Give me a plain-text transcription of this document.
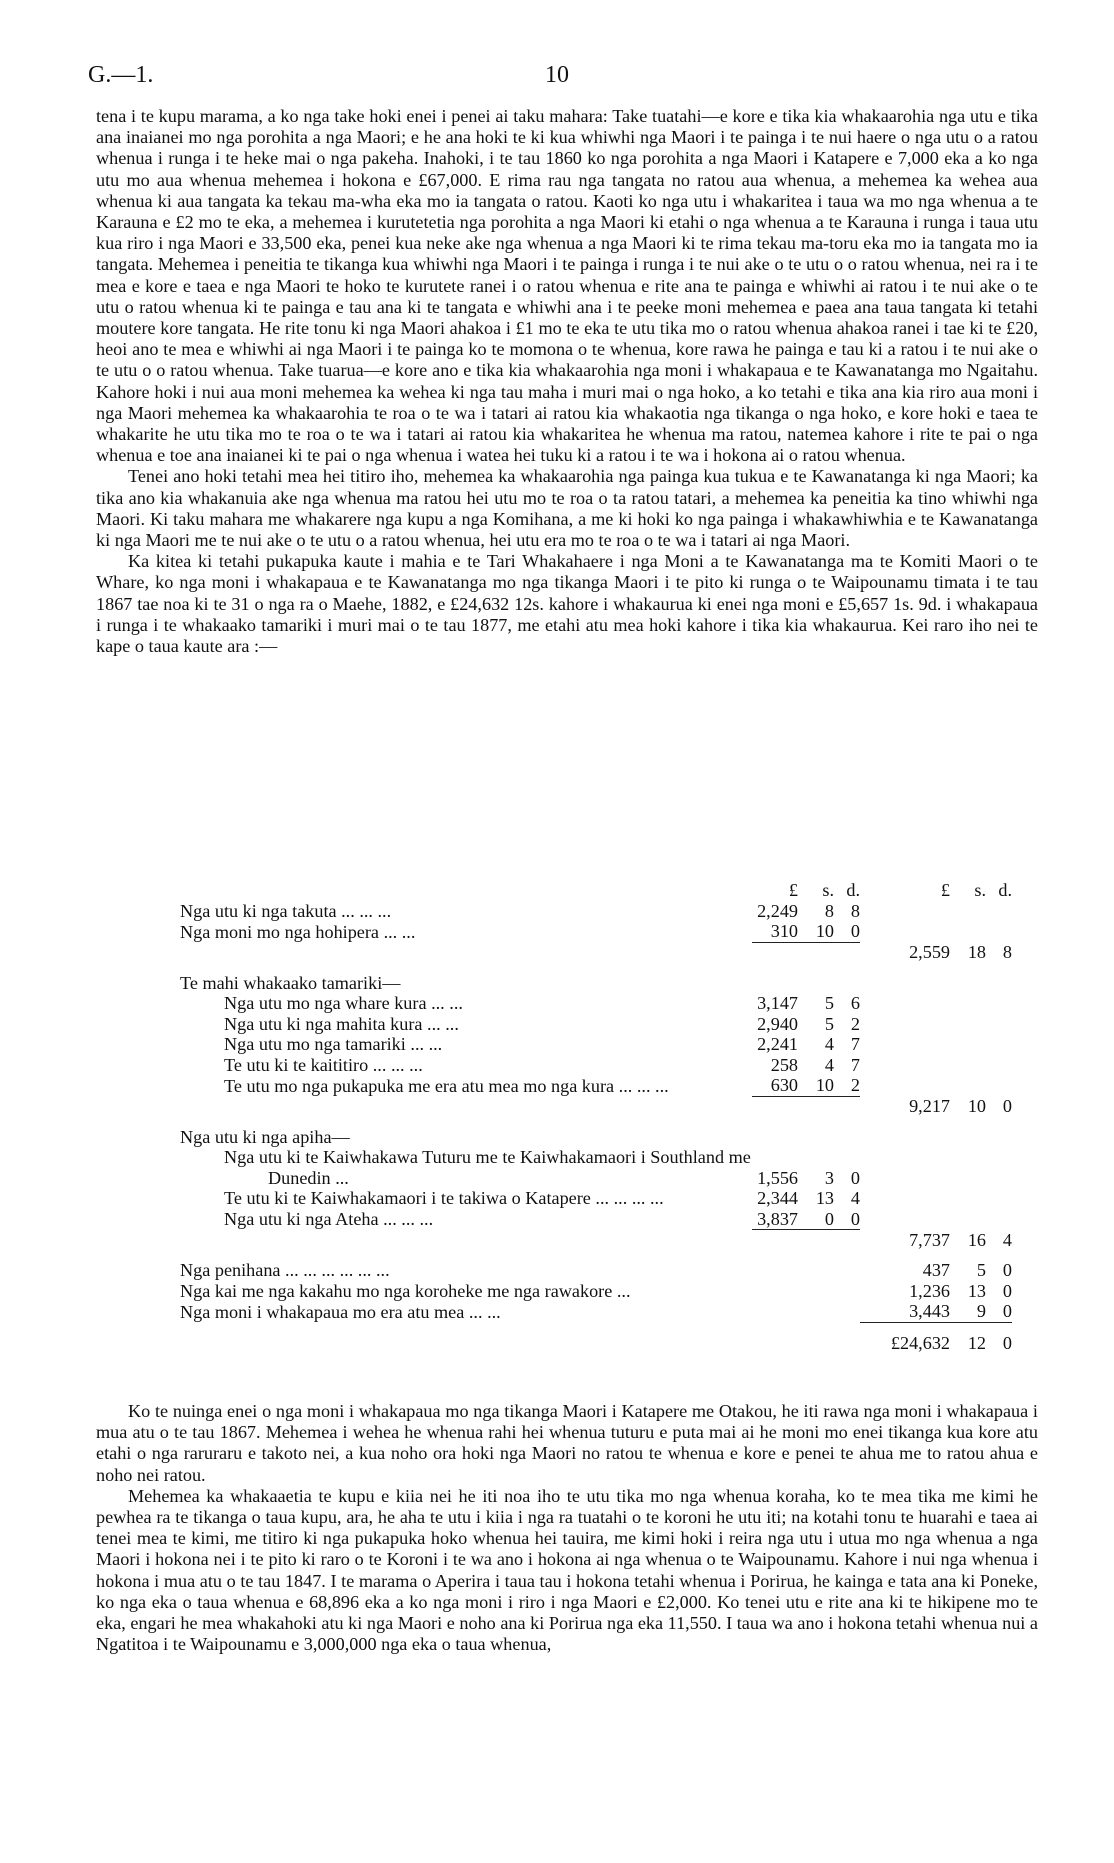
G.—1.	10

tena i te kupu marama, a ko nga take hoki enei i penei ai taku mahara: Take tuatahi—e kore e tika kia whakaarohia nga utu e tika ana inaianei mo nga porohita a nga Maori; e he ana hoki te ki kua whiwhi nga Maori i te painga i te nui haere o nga utu o a ratou whenua i runga i te heke mai o nga pakeha. Inahoki, i te tau 1860 ko nga porohita a nga Maori i Katapere e 7,000 eka a ko nga utu mo aua whenua mehemea i hokona e £67,000. E rima rau nga tangata no ratou aua whenua, a mehemea ka wehea aua whenua ki aua tangata ka tekau ma-wha eka mo ia tangata o ratou. Kaoti ko nga utu i whakaritea i taua wa mo nga whenua a te Karauna e £2 mo te eka, a mehemea i kurutetetia nga porohita a nga Maori ki etahi o nga whenua a te Karauna i runga i taua utu kua riro i nga Maori e 33,500 eka, penei kua neke ake nga whenua a nga Maori ki te rima tekau ma-toru eka mo ia tangata mo ia tangata. Mehemea i peneitia te tikanga kua whiwhi nga Maori i te painga i runga i te nui ake o te utu o o ratou whenua, nei ra i te mea e kore e taea e nga Maori te hoko te kurutete ranei i o ratou whenua e rite ana te painga e whiwhi ai ratou i te nui ake o te utu o ratou whenua ki te painga e tau ana ki te tangata e whiwhi ana i te peeke moni mehemea e paea ana taua tangata ki tetahi moutere kore tangata. He rite tonu ki nga Maori ahakoa i £1 mo te eka te utu tika mo o ratou whenua ahakoa ranei i tae ki te £20, heoi ano te mea e whiwhi ai nga Maori i te painga ko te momona o te whenua, kore rawa he painga e tau ki a ratou i te nui ake o te utu o o ratou whenua. Take tuarua—e kore ano e tika kia whakaarohia nga moni i whakapaua e te Kawanatanga mo Ngaitahu. Kahore hoki i nui aua moni mehemea ka wehea ki nga tau maha i muri mai o nga hoko, a ko tetahi e tika ana kia riro aua moni i nga Maori mehemea ka whakaarohia te roa o te wa i tatari ai ratou kia whakaotia nga tikanga o nga hoko, e kore hoki e taea te whakarite he utu tika mo te roa o te wa i tatari ai ratou kia whakaritea he whenua ma ratou, natemea kahore i rite te pai o nga whenua e toe ana inaianei ki te pai o nga whenua i watea hei tuku ki a ratou i te wa i hokona ai o ratou whenua.

Tenei ano hoki tetahi mea hei titiro iho, mehemea ka whakaarohia nga painga kua tukua e te Kawanatanga ki nga Maori; ka tika ano kia whakanuia ake nga whenua ma ratou hei utu mo te roa o ta ratou tatari, a mehemea ka peneitia ka tino whiwhi nga Maori. Ki taku mahara me whakarere nga kupu a nga Komihana, a me ki hoki ko nga painga i whakawhiwhia e te Kawanatanga ki nga Maori me te nui ake o te utu o a ratou whenua, hei utu era mo te roa o te wa i tatari ai nga Maori.

Ka kitea ki tetahi pukapuka kaute i mahia e te Tari Whakahaere i nga Moni a te Kawanatanga ma te Komiti Maori o te Whare, ko nga moni i whakapaua e te Kawanatanga mo nga tikanga Maori i te pito ki runga o te Waipounamu timata i te tau 1867 tae noa ki te 31 o nga ra o Maehe, 1882, e £24,632 12s. kahore i whakaurua ki enei nga moni e £5,657 1s. 9d. i whakapaua i runga i te whakaako tamariki i muri mai o te tau 1877, me etahi atu mea hoki kahore i tika kia whakaurua. Kei raro iho nei te kape o taua kaute ara :—

	£	s.	d.	£	s.	d.
Nga utu ki nga takuta ... ... ...	2,249	8	8			
Nga moni mo nga hohipera ... ...	310	10	0			
				2,559	18	8

Te mahi whakaako tamariki—						
Nga utu mo nga whare kura ... ...	3,147	5	6			
Nga utu ki nga mahita kura ... ...	2,940	5	2			
Nga utu mo nga tamariki ... ...	2,241	4	7			
Te utu ki te kaititiro ... ... ...	258	4	7			
Te utu mo nga pukapuka me era atu mea mo nga kura ... ... ...	630	10	2			
				9,217	10	0

Nga utu ki nga apiha—						
Nga utu ki te Kaiwhakawa Tuturu me te Kaiwhakamaori i Southland me Dunedin ...	1,556	3	0			
Te utu ki te Kaiwhakamaori i te takiwa o Katapere ... ... ... ...	2,344	13	4			
Nga utu ki nga Ateha ... ... ...	3,837	0	0			
				7,737	16	4

Nga penihana ... ... ... ... ... ...				437	5	0
Nga kai me nga kakahu mo nga koroheke me nga rawakore ...				1,236	13	0
Nga moni i whakapaua mo era atu mea ... ...				3,443	9	0

				£24,632	12	0

Ko te nuinga enei o nga moni i whakapaua mo nga tikanga Maori i Katapere me Otakou, he iti rawa nga moni i whakapaua i mua atu o te tau 1867. Mehemea i wehea he whenua rahi hei whenua tuturu e puta mai ai he moni mo enei tikanga kua kore atu etahi o nga raruraru e takoto nei, a kua noho ora hoki nga Maori no ratou te whenua e kore e penei te ahua me to ratou ahua e noho nei ratou.

Mehemea ka whakaaetia te kupu e kiia nei he iti noa iho te utu tika mo nga whenua koraha, ko te mea tika me kimi he pewhea ra te tikanga o taua kupu, ara, he aha te utu i kiia i nga ra tuatahi o te koroni he utu iti; na kotahi tonu te huarahi e taea ai tenei mea te kimi, me titiro ki nga pukapuka hoko whenua hei tauira, me kimi hoki i reira nga utu i utua mo nga whenua a nga Maori i hokona nei i te pito ki raro o te Koroni i te wa ano i hokona ai nga whenua o te Waipounamu. Kahore i nui nga whenua i hokona i mua atu o te tau 1847. I te marama o Aperira i taua tau i hokona tetahi whenua i Porirua, he kainga e tata ana ki Poneke, ko nga eka o taua whenua e 68,896 eka a ko nga moni i riro i nga Maori e £2,000. Ko tenei utu e rite ana ki te hikipene mo te eka, engari he mea whakahoki atu ki nga Maori e noho ana ki Porirua nga eka 11,550. I taua wa ano i hokona tetahi whenua nui a Ngatitoa i te Waipounamu e 3,000,000 nga eka o taua whenua,
